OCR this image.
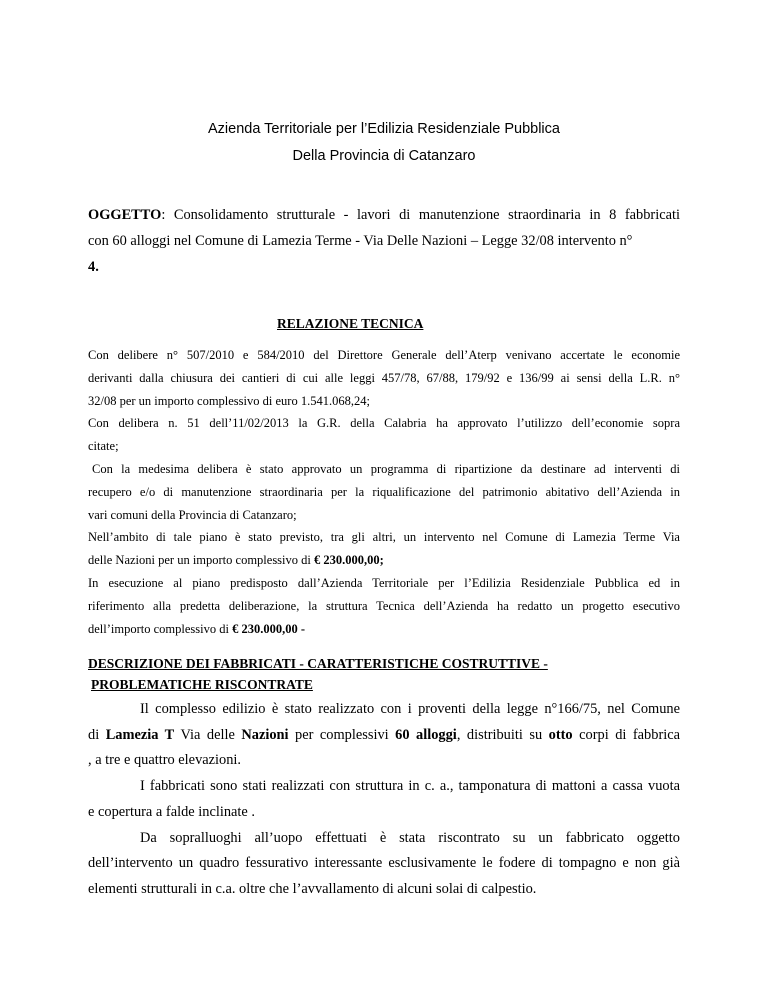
Azienda Territoriale per l’Edilizia Residenziale Pubblica
Della Provincia di Catanzaro
OGGETTO: Consolidamento strutturale - lavori di manutenzione straordinaria in 8 fabbricati
con 60 alloggi nel Comune di Lamezia Terme - Via Delle Nazioni – Legge 32/08 intervento n°
4.
RELAZIONE TECNICA
Con delibere n° 507/2010 e 584/2010 del Direttore Generale dell’Aterp venivano accertate le economie
derivanti dalla chiusura dei cantieri di cui alle leggi 457/78, 67/88, 179/92 e 136/99 ai sensi della L.R. n°
32/08 per un importo complessivo di euro 1.541.068,24;
Con delibera n. 51 dell’11/02/2013 la G.R. della Calabria ha approvato l’utilizzo dell’economie sopra
citate;
Con la medesima delibera è stato approvato un programma di ripartizione da destinare ad interventi di
recupero e/o di manutenzione straordinaria per la riqualificazione del patrimonio abitativo dell’Azienda in
vari comuni della Provincia di Catanzaro;
Nell’ambito di tale piano è stato previsto, tra gli altri, un intervento nel Comune di Lamezia Terme Via
delle Nazioni per un importo complessivo di € 230.000,00;
In esecuzione al piano predisposto dall’Azienda Territoriale per l’Edilizia Residenziale Pubblica ed in
riferimento alla predetta deliberazione, la struttura Tecnica dell’Azienda ha redatto un progetto esecutivo
dell’importo complessivo di € 230.000,00 -
DESCRIZIONE DEI FABBRICATI - CARATTERISTICHE COSTRUTTIVE -
PROBLEMATICHE RISCONTRATE
Il complesso edilizio è stato realizzato con i proventi della legge n°166/75, nel Comune
di Lamezia T Via delle Nazioni per complessivi 60 alloggi, distribuiti su otto corpi di fabbrica
, a tre e quattro elevazioni.
I fabbricati sono stati realizzati con struttura in c. a., tamponatura di mattoni a cassa vuota
e copertura a falde inclinate .
Da sopralluoghi all’uopo effettuati è stata riscontrato su un fabbricato oggetto
dell’intervento un quadro fessurativo interessante esclusivamente le fodere di tompagno e non già
elementi strutturali in c.a. oltre che l’avvallamento di alcuni solai di calpestio.
